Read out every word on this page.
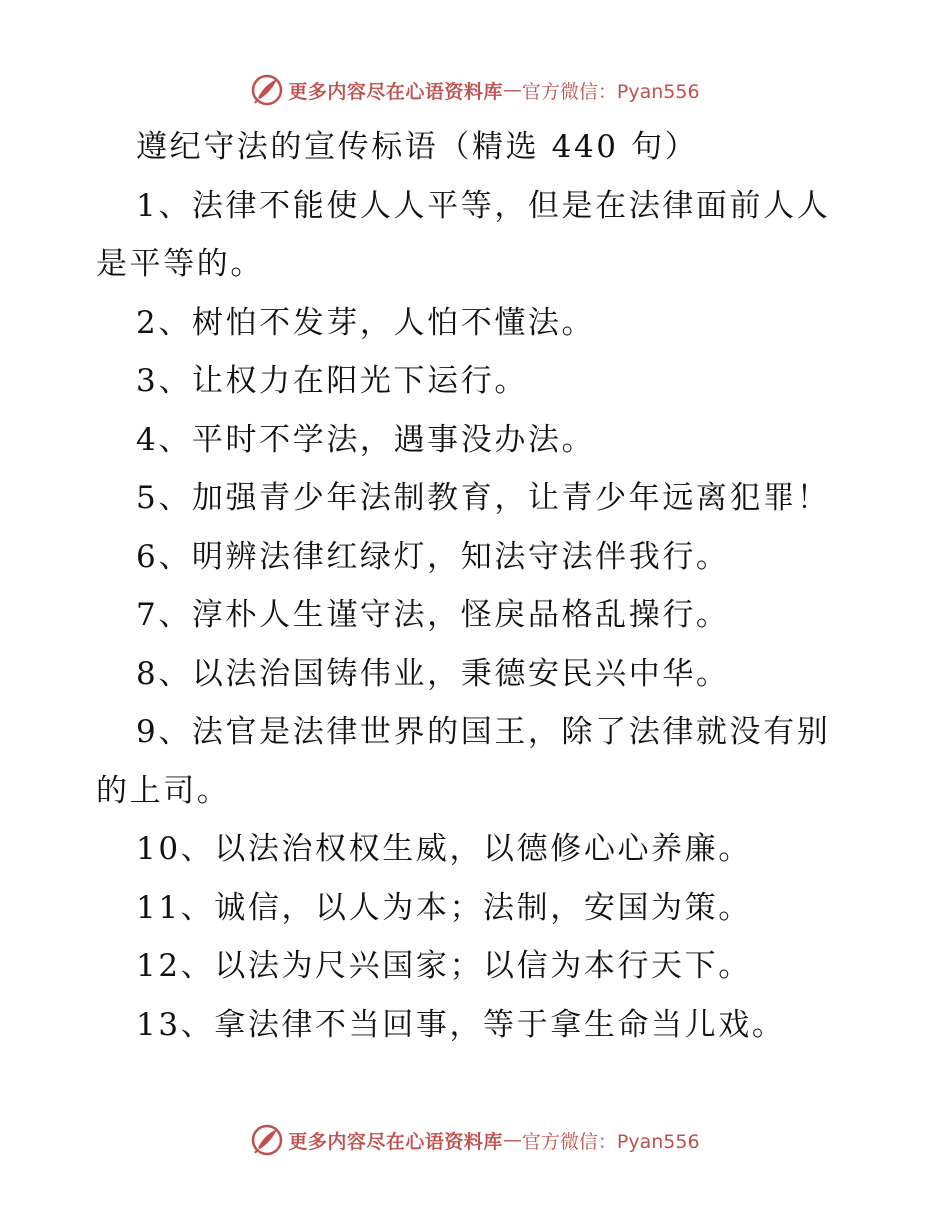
更多内容尽在心语资料库 — 官方微信：Pyan556
遵纪守法的宣传标语（精选 440 句）
1、法律不能使人人平等，但是在法律面前人人
是平等的。
2、树怕不发芽，人怕不懂法。
3、让权力在阳光下运行。
4、平时不学法，遇事没办法。
5、加强青少年法制教育，让青少年远离犯罪！
6、明辨法律红绿灯，知法守法伴我行。
7、淳朴人生谨守法，怪戾品格乱操行。
8、以法治国铸伟业，秉德安民兴中华。
9、法官是法律世界的国王，除了法律就没有别
的上司。
10、以法治权权生威，以德修心心养廉。
11、诚信，以人为本；法制，安国为策。
12、以法为尺兴国家；以信为本行天下。
13、拿法律不当回事，等于拿生命当儿戏。
更多内容尽在心语资料库 — 官方微信：Pyan556
